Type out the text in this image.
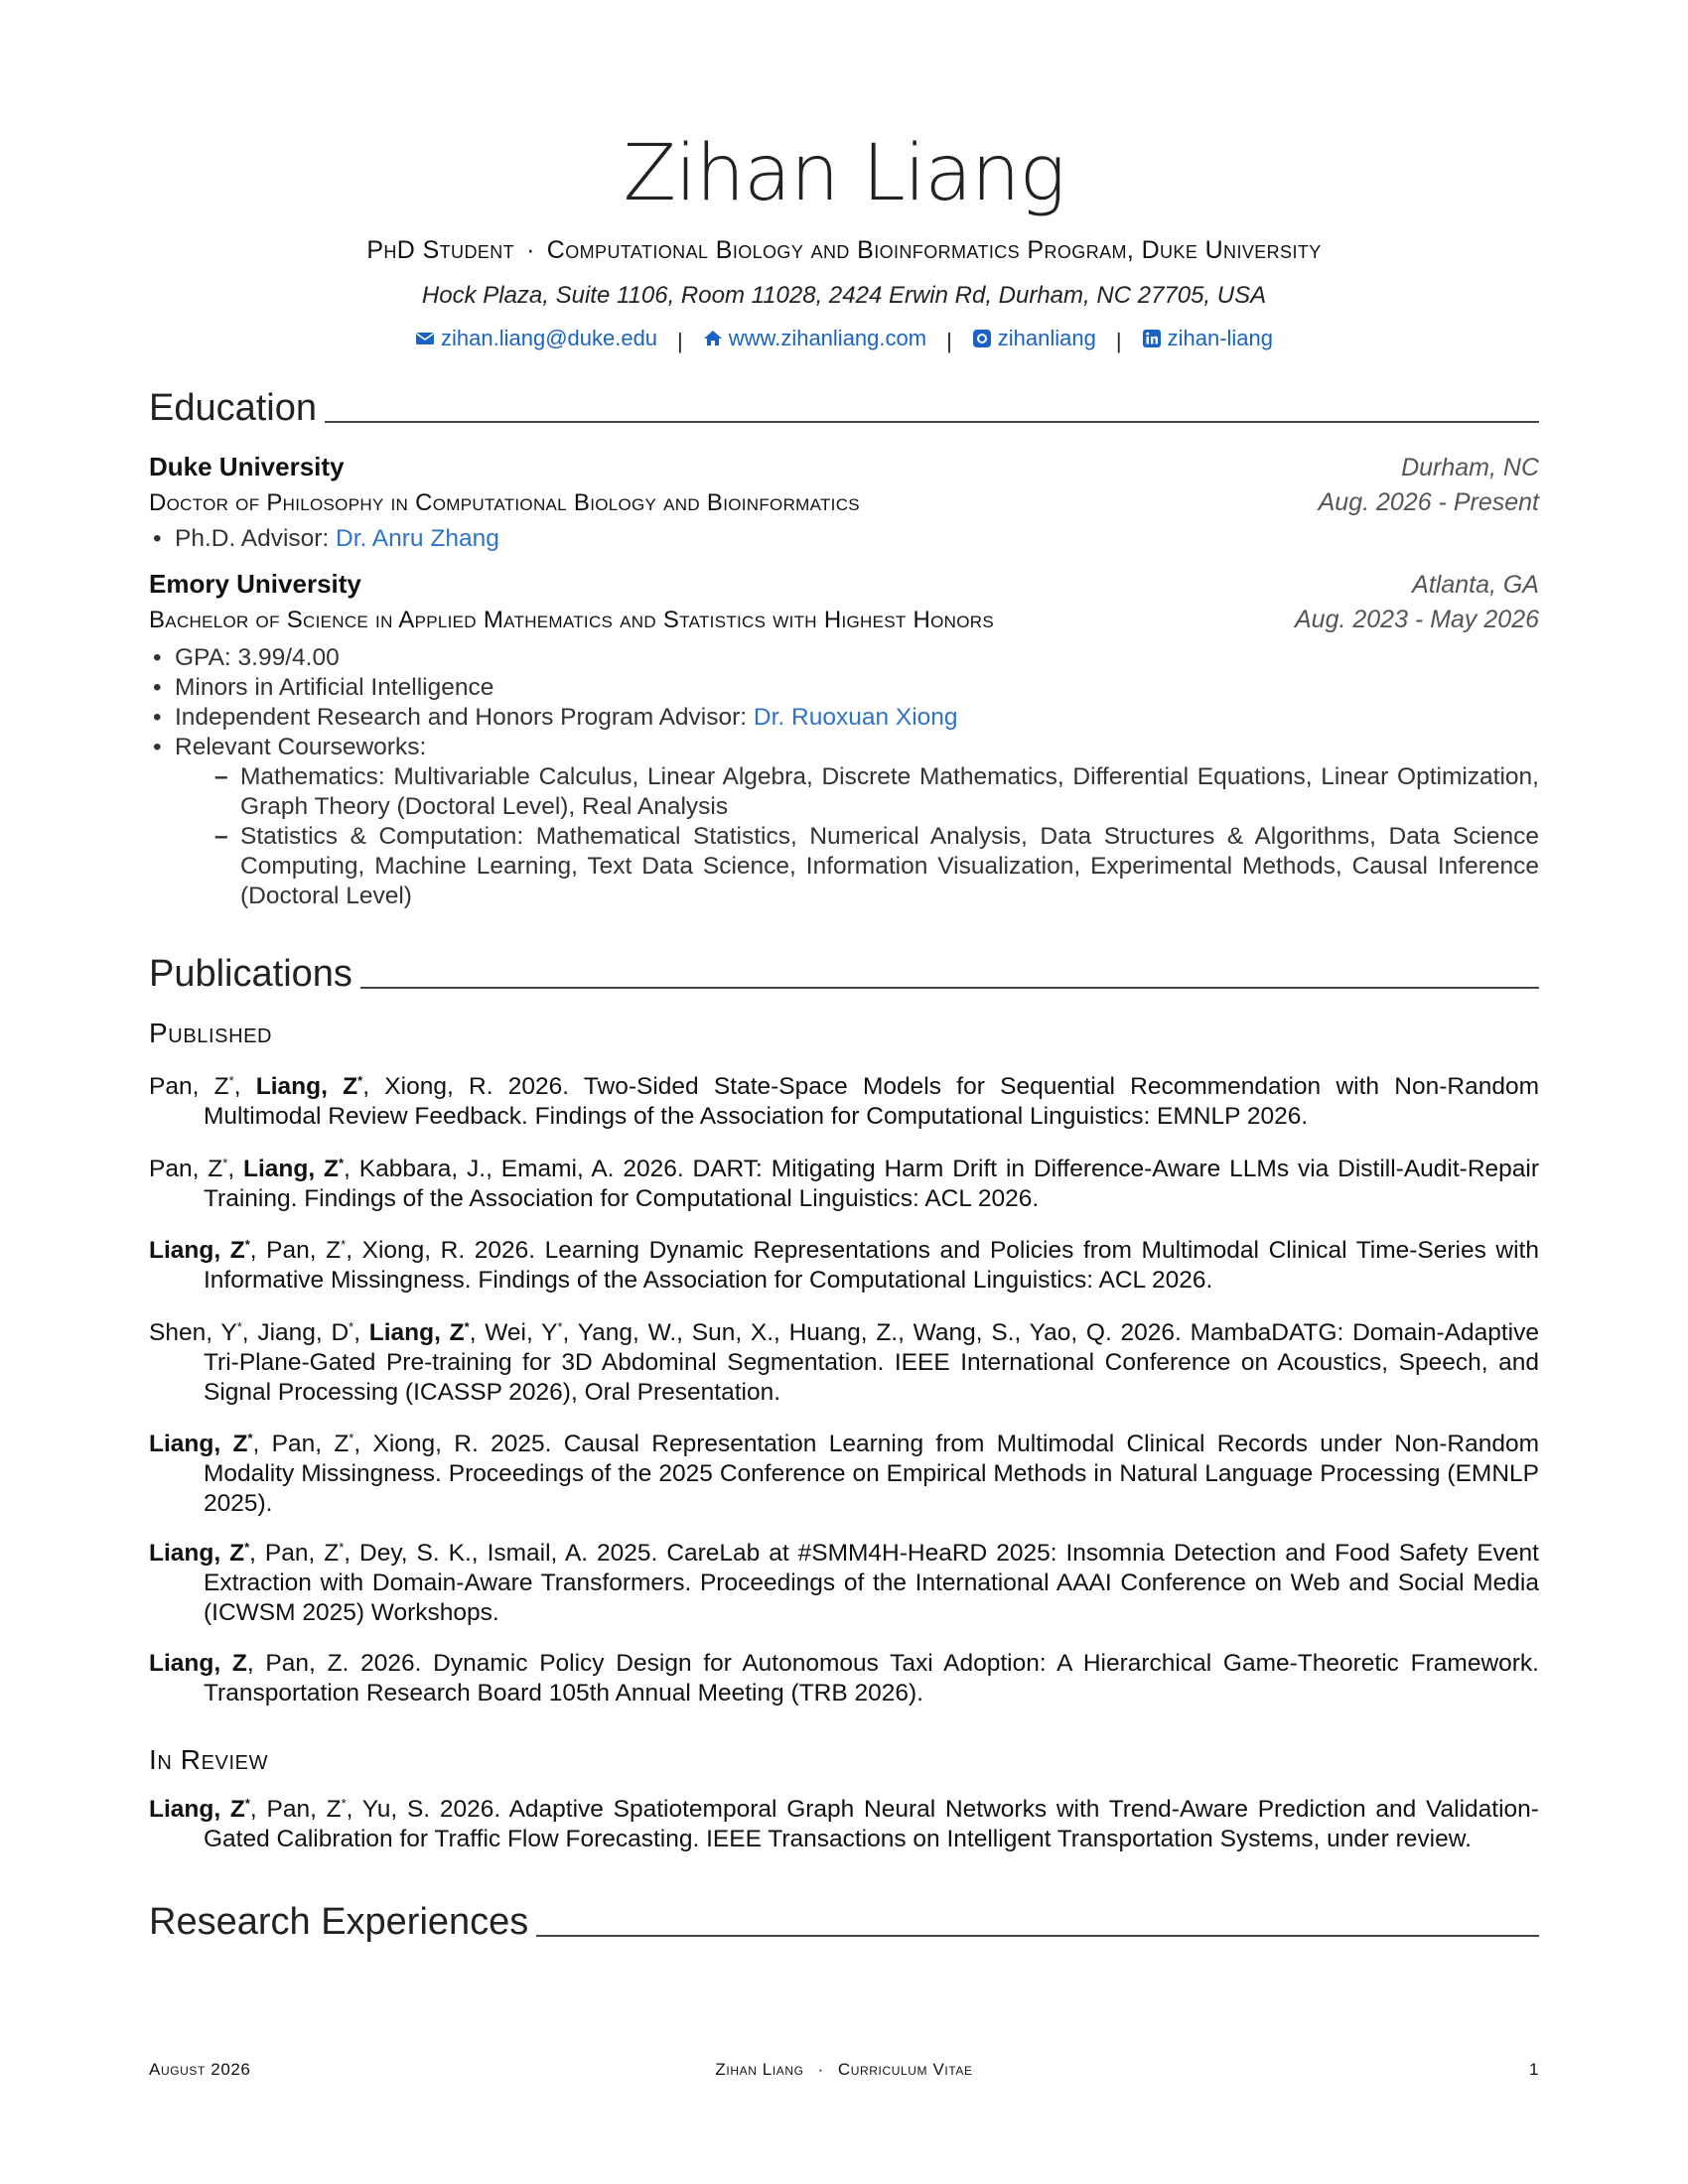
Zihan Liang
PhD Student · Computational Biology and Bioinformatics Program, Duke University
Hock Plaza, Suite 1106, Room 11028, 2424 Erwin Rd, Durham, NC 27705, USA
zihan.liang@duke.edu | www.zihanliang.com | zihanliang | zihan-liang
Education
Duke University	Durham, NC
Doctor of Philosophy in Computational Biology and Bioinformatics	Aug. 2026 - Present
• Ph.D. Advisor: Dr. Anru Zhang
Emory University	Atlanta, GA
Bachelor of Science in Applied Mathematics and Statistics with Highest Honors	Aug. 2023 - May 2026
• GPA: 3.99/4.00
• Minors in Artificial Intelligence
• Independent Research and Honors Program Advisor: Dr. Ruoxuan Xiong
• Relevant Courseworks:
– Mathematics: Multivariable Calculus, Linear Algebra, Discrete Mathematics, Differential Equations, Linear Optimization, Graph Theory (Doctoral Level), Real Analysis
– Statistics & Computation: Mathematical Statistics, Numerical Analysis, Data Structures & Algorithms, Data Science Computing, Machine Learning, Text Data Science, Information Visualization, Experimental Methods, Causal Inference (Doctoral Level)
Publications
Published

Pan, Z*, Liang, Z*, Xiong, R. 2026. Two-Sided State-Space Models for Sequential Recommendation with Non-Random Multimodal Review Feedback. Findings of the Association for Computational Linguistics: EMNLP 2026.

Pan, Z*, Liang, Z*, Kabbara, J., Emami, A. 2026. DART: Mitigating Harm Drift in Difference-Aware LLMs via Distill-Audit-Repair Training. Findings of the Association for Computational Linguistics: ACL 2026.

Liang, Z*, Pan, Z*, Xiong, R. 2026. Learning Dynamic Representations and Policies from Multimodal Clinical Time-Series with Informative Missingness. Findings of the Association for Computational Linguistics: ACL 2026.

Shen, Y*, Jiang, D*, Liang, Z*, Wei, Y*, Yang, W., Sun, X., Huang, Z., Wang, S., Yao, Q. 2026. MambaDATG: Domain-Adaptive Tri-Plane-Gated Pre-training for 3D Abdominal Segmentation. IEEE International Conference on Acoustics, Speech, and Signal Processing (ICASSP 2026), Oral Presentation.

Liang, Z*, Pan, Z*, Xiong, R. 2025. Causal Representation Learning from Multimodal Clinical Records under Non-Random Modality Missingness. Proceedings of the 2025 Conference on Empirical Methods in Natural Language Processing (EMNLP 2025).

Liang, Z*, Pan, Z*, Dey, S. K., Ismail, A. 2025. CareLab at #SMM4H-HeaRD 2025: Insomnia Detection and Food Safety Event Extraction with Domain-Aware Transformers. Proceedings of the International AAAI Conference on Web and Social Media (ICWSM 2025) Workshops.

Liang, Z, Pan, Z. 2026. Dynamic Policy Design for Autonomous Taxi Adoption: A Hierarchical Game-Theoretic Framework. Transportation Research Board 105th Annual Meeting (TRB 2026).

In Review

Liang, Z*, Pan, Z*, Yu, S. 2026. Adaptive Spatiotemporal Graph Neural Networks with Trend-Aware Prediction and Validation-Gated Calibration for Traffic Flow Forecasting. IEEE Transactions on Intelligent Transportation Systems, under review.

Research Experiences
August 2026	Zihan Liang · Curriculum Vitae	1
